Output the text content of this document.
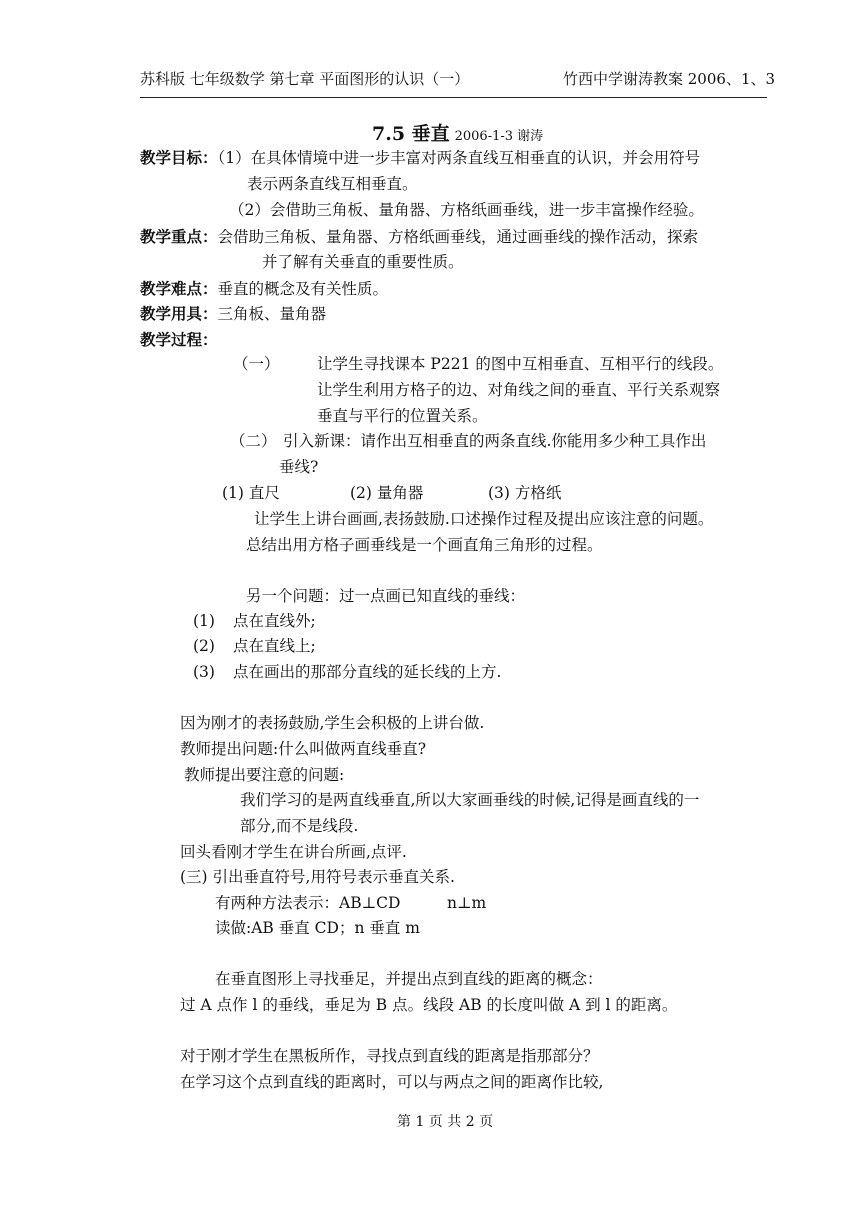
苏科版 七年级数学 第七章 平面图形的认识（一）	竹西中学谢涛教案 2006、1、3
7.5 垂直 2006-1-3 谢涛
教学目标：（1）在具体情境中进一步丰富对两条直线互相垂直的认识，并会用符号
表示两条直线互相垂直。
（2）会借助三角板、量角器、方格纸画垂线，进一步丰富操作经验。
教学重点：会借助三角板、量角器、方格纸画垂线，通过画垂线的操作活动，探索
并了解有关垂直的重要性质。
教学难点：垂直的概念及有关性质。
教学用具：三角板、量角器
教学过程：
（一） 让学生寻找课本 P221 的图中互相垂直、互相平行的线段。
让学生利用方格子的边、对角线之间的垂直、平行关系观察
垂直与平行的位置关系。
（二） 引入新课：请作出互相垂直的两条直线.你能用多少种工具作出
垂线?
(1) 直尺	(2) 量角器	(3) 方格纸
让学生上讲台画画,表扬鼓励.口述操作过程及提出应该注意的问题。
总结出用方格子画垂线是一个画直角三角形的过程。
另一个问题：过一点画已知直线的垂线：
(1) 点在直线外;
(2) 点在直线上;
(3) 点在画出的那部分直线的延长线的上方.
因为刚才的表扬鼓励,学生会积极的上讲台做.
教师提出问题:什么叫做两直线垂直?
教师提出要注意的问题:
我们学习的是两直线垂直,所以大家画垂线的时候,记得是画直线的一
部分,而不是线段.
回头看刚才学生在讲台所画,点评.
(三) 引出垂直符号,用符号表示垂直关系.
有两种方法表示：AB⊥CD	n⊥m
读做:AB 垂直 CD；n 垂直 m
在垂直图形上寻找垂足，并提出点到直线的距离的概念：
过 A 点作 l 的垂线，垂足为 B 点。线段 AB 的长度叫做 A 到 l 的距离。
对于刚才学生在黑板所作，寻找点到直线的距离是指那部分？
在学习这个点到直线的距离时，可以与两点之间的距离作比较,
第 1 页 共 2 页
